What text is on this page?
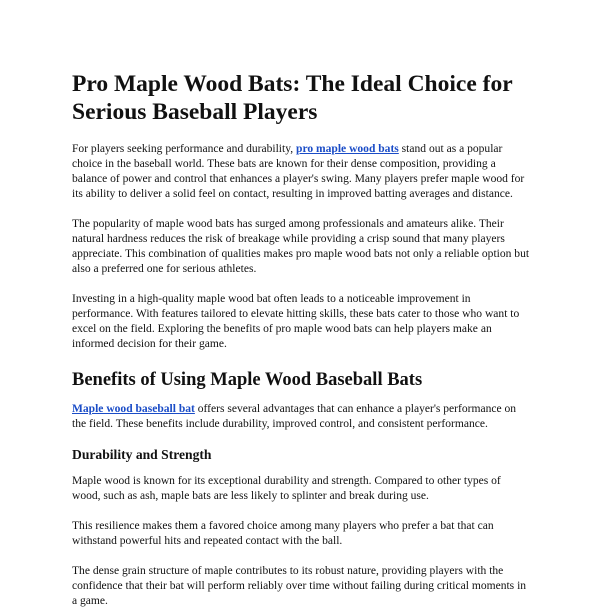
Pro Maple Wood Bats: The Ideal Choice for Serious Baseball Players

For players seeking performance and durability, pro maple wood bats stand out as a popular choice in the baseball world. These bats are known for their dense composition, providing a balance of power and control that enhances a player's swing. Many players prefer maple wood for its ability to deliver a solid feel on contact, resulting in improved batting averages and distance.

The popularity of maple wood bats has surged among professionals and amateurs alike. Their natural hardness reduces the risk of breakage while providing a crisp sound that many players appreciate. This combination of qualities makes pro maple wood bats not only a reliable option but also a preferred one for serious athletes.

Investing in a high-quality maple wood bat often leads to a noticeable improvement in performance. With features tailored to elevate hitting skills, these bats cater to those who want to excel on the field. Exploring the benefits of pro maple wood bats can help players make an informed decision for their game.

Benefits of Using Maple Wood Baseball Bats

Maple wood baseball bat offers several advantages that can enhance a player's performance on the field. These benefits include durability, improved control, and consistent performance.

Durability and Strength

Maple wood is known for its exceptional durability and strength. Compared to other types of wood, such as ash, maple bats are less likely to splinter and break during use.

This resilience makes them a favored choice among many players who prefer a bat that can withstand powerful hits and repeated contact with the ball.

The dense grain structure of maple contributes to its robust nature, providing players with the confidence that their bat will perform reliably over time without failing during critical moments in a game.
